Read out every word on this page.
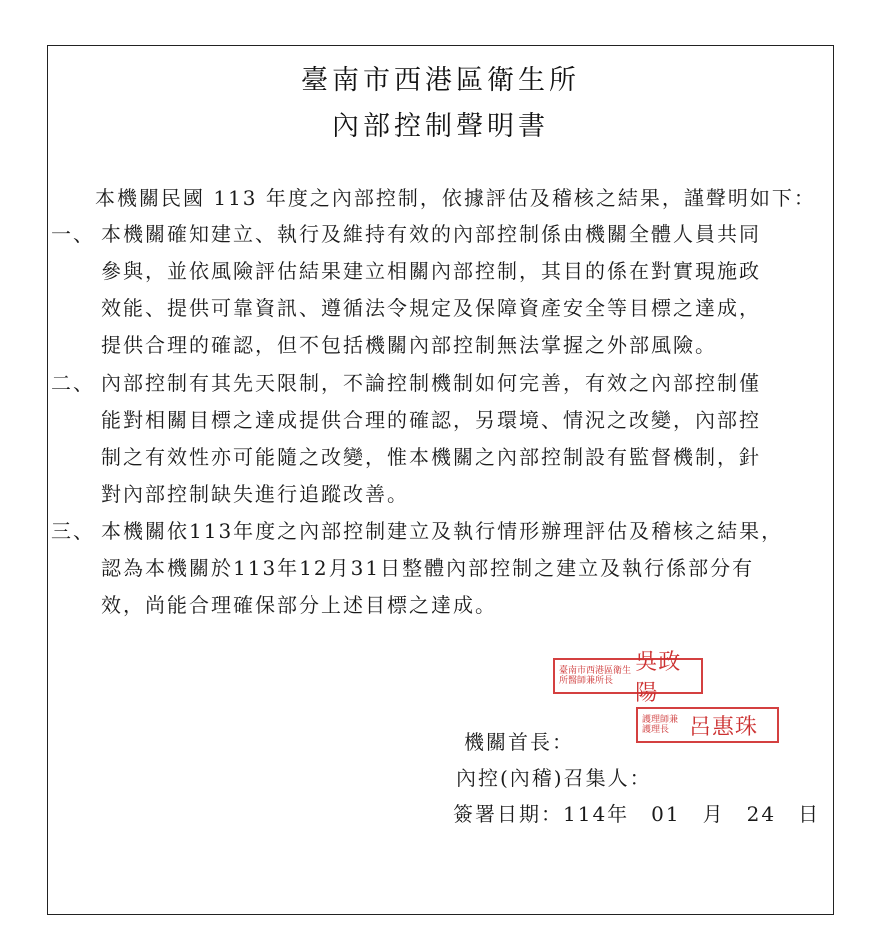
臺南市西港區衛生所
內部控制聲明書
本機關民國 113 年度之內部控制，依據評估及稽核之結果，謹聲明如下：
一、 本機關確知建立、執行及維持有效的內部控制係由機關全體人員共同
參與，並依風險評估結果建立相關內部控制，其目的係在對實現施政
效能、提供可靠資訊、遵循法令規定及保障資產安全等目標之達成，
提供合理的確認，但不包括機關內部控制無法掌握之外部風險。
二、 內部控制有其先天限制，不論控制機制如何完善，有效之內部控制僅
能對相關目標之達成提供合理的確認，另環境、情況之改變，內部控
制之有效性亦可能隨之改變，惟本機關之內部控制設有監督機制，針
對內部控制缺失進行追蹤改善。
三、 本機關依113年度之內部控制建立及執行情形辦理評估及稽核之結果，
認為本機關於113年12月31日整體內部控制之建立及執行係部分有
效，尚能合理確保部分上述目標之達成。
機關首長：
內控(內稽)召集人：
簽署日期：114年　01　月　24　日
臺南市西港區衛生所醫師兼所長
吳政陽
護理師兼護理長 呂惠珠
